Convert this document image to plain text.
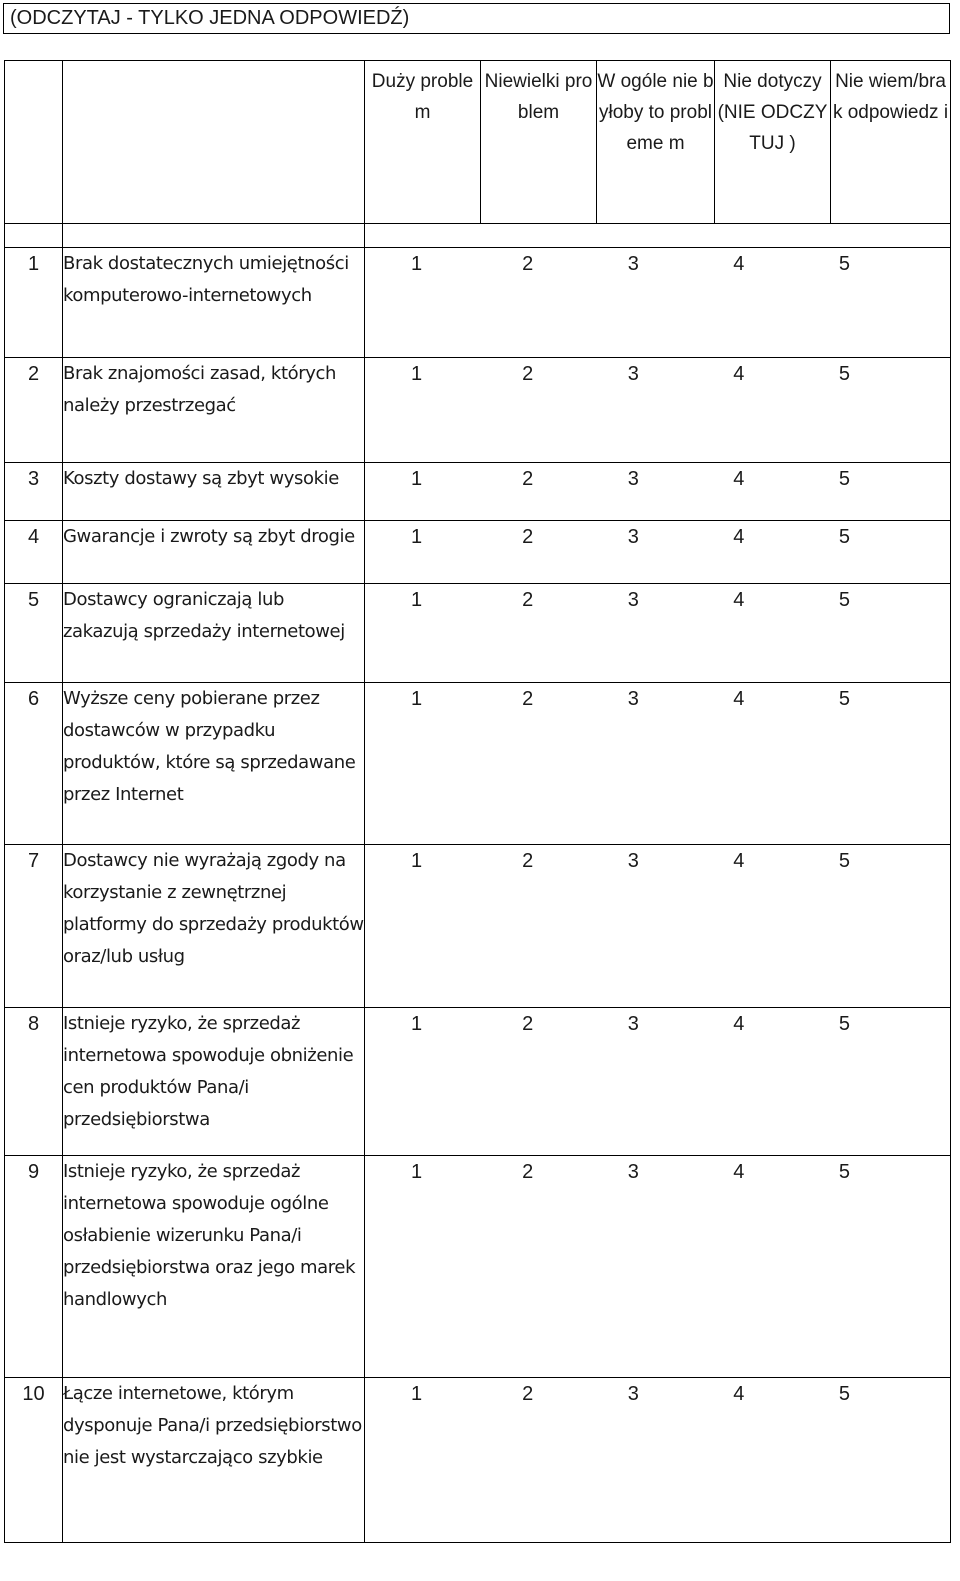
(ODCZYTAJ - TYLKO JEDNA ODPOWIEDŹ)
		Duży problem	Niewielki problem	W ogóle nie byłoby to probleme m	Nie dotyczy (NIE ODCZYTUJ )	Nie wiem/brak odpowiedz i

1	Brak dostatecznych umiejętności komputerowo-internetowych	1 2 3 4 5				

2	Brak znajomości zasad, których należy przestrzegać	1 2 3 4 5				

3	Koszty dostawy są zbyt wysokie	1 2 3 4 5				

4	Gwarancje i zwroty są zbyt drogie	1 2 3 4 5				

5	Dostawcy ograniczają lub zakazują sprzedaży internetowej	1 2 3 4 5				

6	Wyższe ceny pobierane przez dostawców w przypadku produktów, które są sprzedawane przez Internet	1 2 3 4 5				

7	Dostawcy nie wyrażają zgody na korzystanie z zewnętrznej platformy do sprzedaży produktów oraz/lub usług	1 2 3 4 5				

8	Istnieje ryzyko, że sprzedaż internetowa spowoduje obniżenie cen produktów Pana/i przedsiębiorstwa	1 2 3 4 5				

9	Istnieje ryzyko, że sprzedaż internetowa spowoduje ogólne osłabienie wizerunku Pana/i przedsiębiorstwa oraz jego marek handlowych	1 2 3 4 5				

10	Łącze internetowe, którym dysponuje Pana/i przedsiębiorstwo nie jest wystarczająco szybkie	1 2 3 4 5				
